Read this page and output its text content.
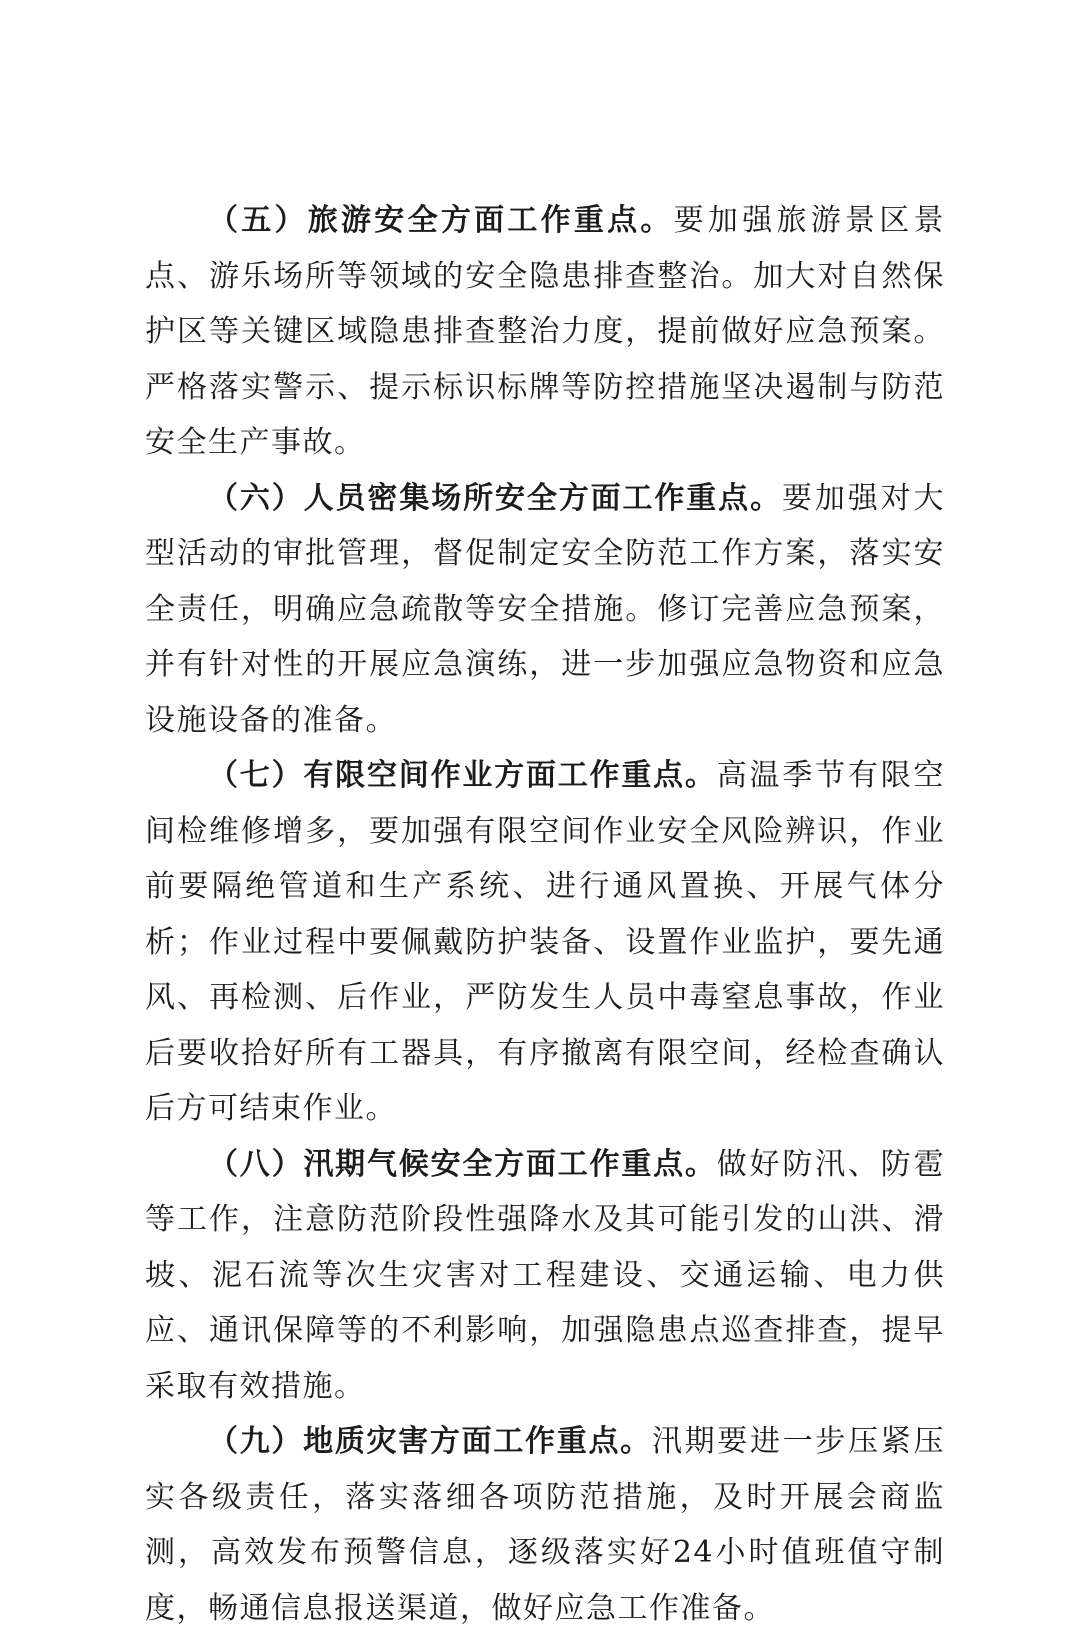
（五）旅游安全方面工作重点。要加强旅游景区景点、游乐场所等领域的安全隐患排查整治。加大对自然保护区等关键区域隐患排查整治力度，提前做好应急预案。严格落实警示、提示标识标牌等防控措施坚决遏制与防范安全生产事故。

（六）人员密集场所安全方面工作重点。要加强对大型活动的审批管理，督促制定安全防范工作方案，落实安全责任，明确应急疏散等安全措施。修订完善应急预案，并有针对性的开展应急演练，进一步加强应急物资和应急设施设备的准备。

（七）有限空间作业方面工作重点。高温季节有限空间检维修增多，要加强有限空间作业安全风险辨识，作业前要隔绝管道和生产系统、进行通风置换、开展气体分析；作业过程中要佩戴防护装备、设置作业监护，要先通风、再检测、后作业，严防发生人员中毒窒息事故，作业后要收拾好所有工器具，有序撤离有限空间，经检查确认后方可结束作业。

（八）汛期气候安全方面工作重点。做好防汛、防雹等工作，注意防范阶段性强降水及其可能引发的山洪、滑坡、泥石流等次生灾害对工程建设、交通运输、电力供应、通讯保障等的不利影响，加强隐患点巡查排查，提早采取有效措施。

（九）地质灾害方面工作重点。汛期要进一步压紧压实各级责任，落实落细各项防范措施，及时开展会商监测，高效发布预警信息，逐级落实好24小时值班值守制度，畅通信息报送渠道，做好应急工作准备。
